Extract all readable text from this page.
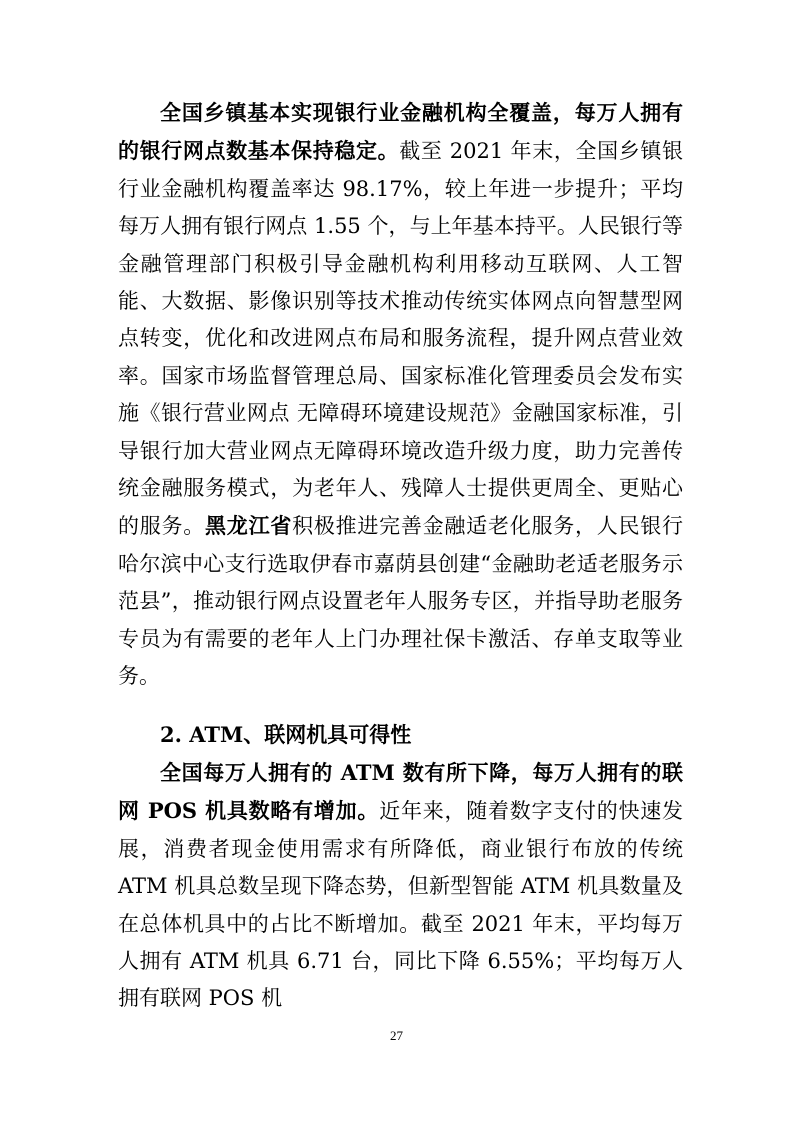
全国乡镇基本实现银行业金融机构全覆盖，每万人拥有的银行网点数基本保持稳定。截至 2021 年末，全国乡镇银行业金融机构覆盖率达 98.17%，较上年进一步提升；平均每万人拥有银行网点 1.55 个，与上年基本持平。人民银行等金融管理部门积极引导金融机构利用移动互联网、人工智能、大数据、影像识别等技术推动传统实体网点向智慧型网点转变，优化和改进网点布局和服务流程，提升网点营业效率。国家市场监督管理总局、国家标准化管理委员会发布实施《银行营业网点 无障碍环境建设规范》金融国家标准，引导银行加大营业网点无障碍环境改造升级力度，助力完善传统金融服务模式，为老年人、残障人士提供更周全、更贴心的服务。黑龙江省积极推进完善金融适老化服务，人民银行哈尔滨中心支行选取伊春市嘉荫县创建“金融助老适老服务示范县”，推动银行网点设置老年人服务专区，并指导助老服务专员为有需要的老年人上门办理社保卡激活、存单支取等业务。

2. ATM、联网机具可得性

全国每万人拥有的 ATM 数有所下降，每万人拥有的联网 POS 机具数略有增加。近年来，随着数字支付的快速发展，消费者现金使用需求有所降低，商业银行布放的传统 ATM 机具总数呈现下降态势，但新型智能 ATM 机具数量及在总体机具中的占比不断增加。截至 2021 年末，平均每万人拥有 ATM 机具 6.71 台，同比下降 6.55%；平均每万人拥有联网 POS 机

27
